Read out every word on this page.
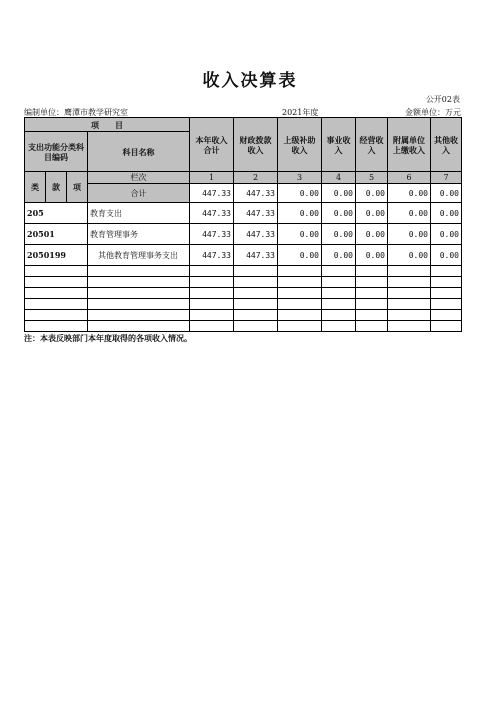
收入决算表
公开02表
编制单位：鹰潭市教学研究室	2021年度	金额单位：万元
项　　目				本年收入合计	财政拨款收入	上级补助收入	事业收入	经营收入	附属单位上缴收入	其他收入
支出功能分类科目编码			科目名称							
类	款	项	栏次	1	2	3	4	5	6	7
			合计	447.33	447.33	0.00	0.00	0.00	0.00	0.00
205			教育支出	447.33	447.33	0.00	0.00	0.00	0.00	0.00
20501			教育管理事务	447.33	447.33	0.00	0.00	0.00	0.00	0.00
2050199			其他教育管理事务支出	447.33	447.33	0.00	0.00	0.00	0.00	0.00

注：本表反映部门本年度取得的各项收入情况。
